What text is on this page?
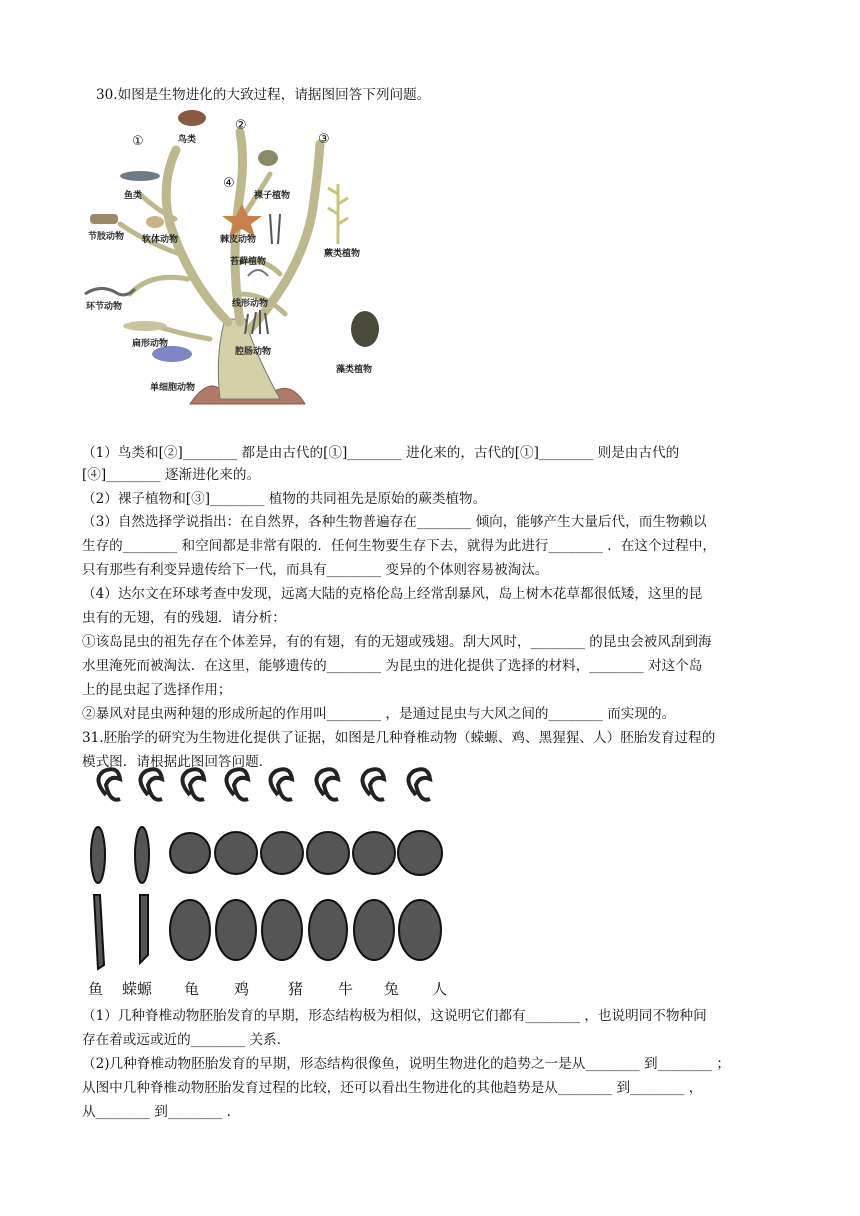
30.如图是生物进化的大致过程，请据图回答下列问题。
①
②
③
④
鸟类
鱼类
节肢动物 软体动物	棘皮动物
裸子植物
苔藓植物
蕨类植物
环节动物	线形动物
扁形动物
腔肠动物
藻类植物
单细胞动物
（1）鸟类和[②]________ 都是由古代的[①]________ 进化来的，古代的[①]________ 则是由古代的
[④]________ 逐渐进化来的。
（2）裸子植物和[③]________ 植物的共同祖先是原始的蕨类植物。
（3）自然选择学说指出：在自然界，各种生物普遍存在________ 倾向，能够产生大量后代，而生物赖以
生存的________ 和空间都是非常有限的．任何生物要生存下去，就得为此进行________ ．在这个过程中，
只有那些有利变异遗传给下一代，而具有________ 变异的个体则容易被淘汰。
（4）达尔文在环球考查中发现，远离大陆的克格伦岛上经常刮暴风，岛上树木花草都很低矮，这里的昆
虫有的无翅，有的残翅．请分析：
①该岛昆虫的祖先存在个体差异，有的有翅，有的无翅或残翅。刮大风时，________ 的昆虫会被风刮到海
水里淹死而被淘汰．在这里，能够遗传的________ 为昆虫的进化提供了选择的材料，________ 对这个岛
上的昆虫起了选择作用；
②暴风对昆虫两种翅的形成所起的作用叫________ ，是通过昆虫与大风之间的________ 而实现的。
31.胚胎学的研究为生物进化提供了证据，如图是几种脊椎动物（蝾螈、鸡、黑猩猩、人）胚胎发育过程的
模式图．请根据此图回答问题．
鱼 蝾螈 龟 鸡	猪 牛 兔 人
（1）几种脊椎动物胚胎发育的早期，形态结构极为相似，这说明它们都有________ ，也说明同不物种间
存在着或远或近的________ 关系．
（2)几种脊椎动物胚胎发育的早期，形态结构很像鱼，说明生物进化的趋势之一是从________ 到________ ；
从图中几种脊椎动物胚胎发育过程的比较，还可以看出生物进化的其他趋势是从________ 到________ ，
从________ 到________ .
